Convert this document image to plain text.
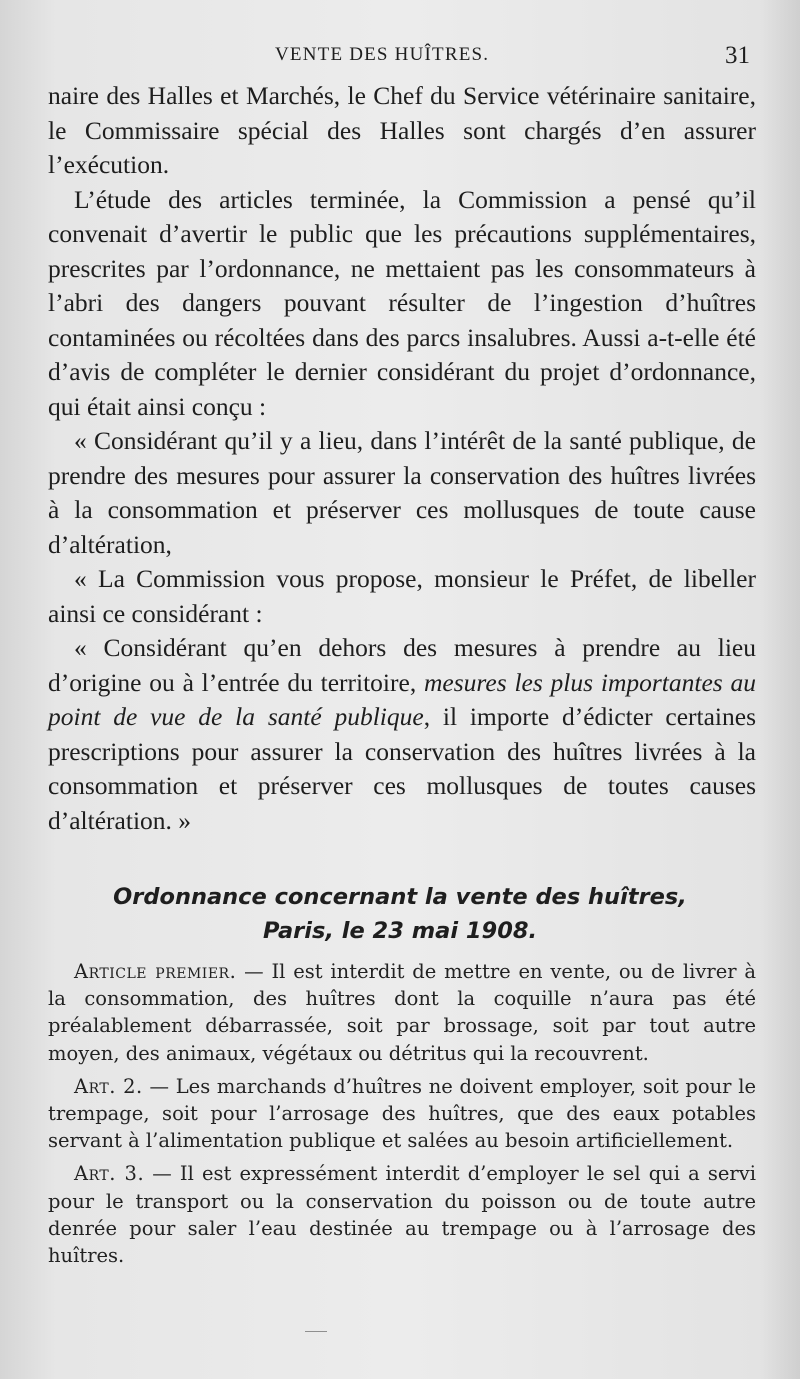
VENTE DES HUÎTRES.	31

naire des Halles et Marchés, le Chef du Service vétérinaire sanitaire, le Commissaire spécial des Halles sont chargés d’en assurer l’exécution.

L’étude des articles terminée, la Commission a pensé qu’il convenait d’avertir le public que les précautions supplémentaires, prescrites par l’ordonnance, ne mettaient pas les consommateurs à l’abri des dangers pouvant résulter de l’ingestion d’huîtres contaminées ou récoltées dans des parcs insalubres. Aussi a-t-elle été d’avis de compléter le dernier considérant du projet d’ordonnance, qui était ainsi conçu :

« Considérant qu’il y a lieu, dans l’intérêt de la santé publique, de prendre des mesures pour assurer la conservation des huîtres livrées à la consommation et préserver ces mollusques de toute cause d’altération,

« La Commission vous propose, monsieur le Préfet, de libeller ainsi ce considérant :

« Considérant qu’en dehors des mesures à prendre au lieu d’origine ou à l’entrée du territoire, mesures les plus importantes au point de vue de la santé publique, il importe d’édicter certaines prescriptions pour assurer la conservation des huîtres livrées à la consommation et préserver ces mollusques de toutes causes d’altération. »

Ordonnance concernant la vente des huîtres,
Paris, le 23 mai 1908.

Article premier. — Il est interdit de mettre en vente, ou de livrer à la consommation, des huîtres dont la coquille n’aura pas été préalablement débarrassée, soit par brossage, soit par tout autre moyen, des animaux, végétaux ou détritus qui la recouvrent.

Art. 2. — Les marchands d’huîtres ne doivent employer, soit pour le trempage, soit pour l’arrosage des huîtres, que des eaux potables servant à l’alimentation publique et salées au besoin artificiellement.

Art. 3. — Il est expressément interdit d’employer le sel qui a servi pour le transport ou la conservation du poisson ou de toute autre denrée pour saler l’eau destinée au trempage ou à l’arrosage des huîtres.
